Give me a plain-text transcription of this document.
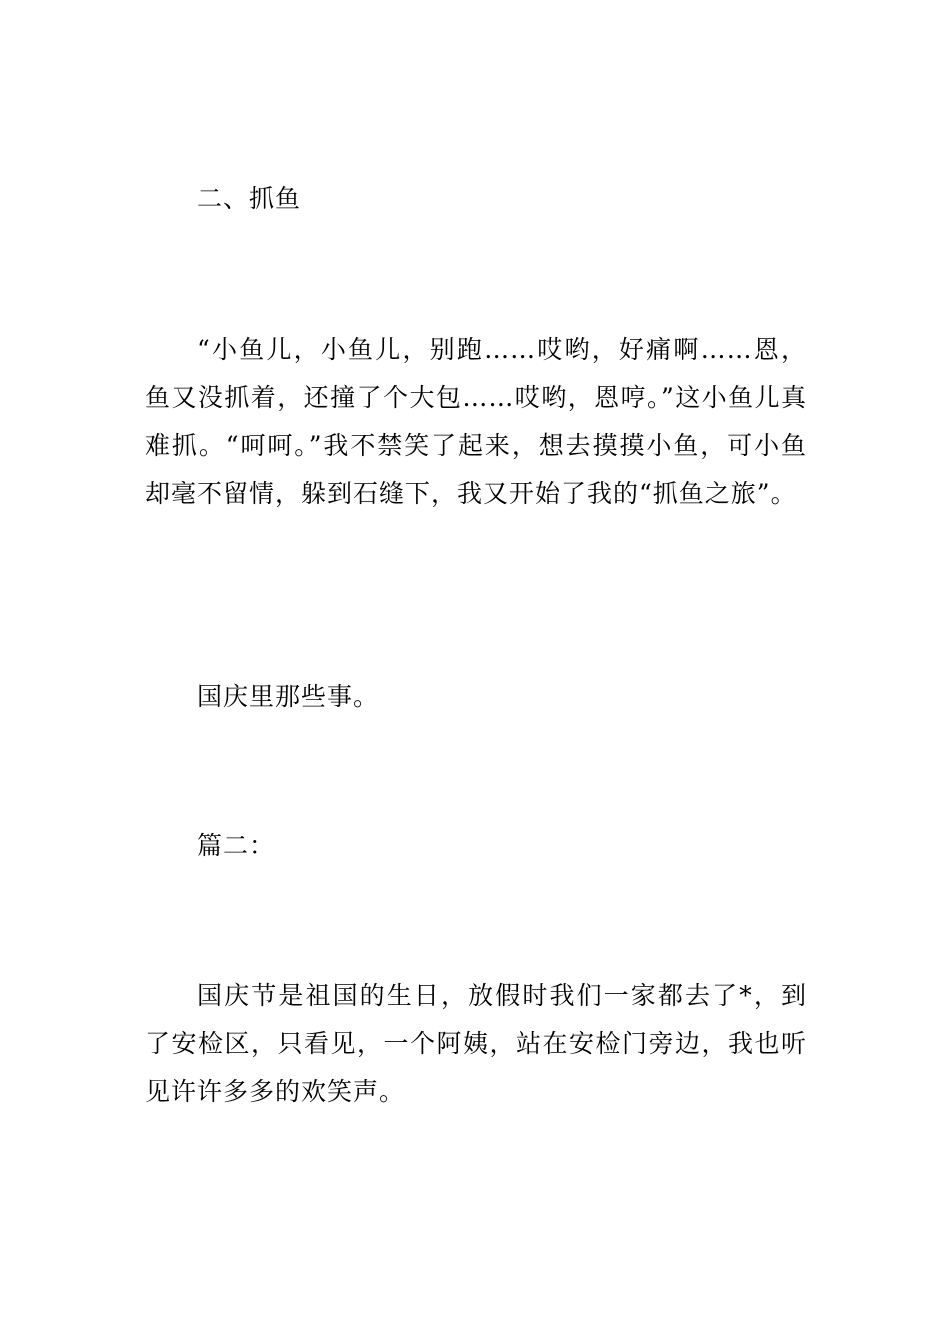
二、抓鱼

“小鱼儿，小鱼儿，别跑……哎哟，好痛啊……恩，鱼又没抓着，还撞了个大包……哎哟，恩哼。”这小鱼儿真难抓。“呵呵。”我不禁笑了起来，想去摸摸小鱼，可小鱼却毫不留情，躲到石缝下，我又开始了我的“抓鱼之旅”。

国庆里那些事。

篇二：

国庆节是祖国的生日，放假时我们一家都去了*，到了安检区，只看见，一个阿姨，站在安检门旁边，我也听见许许多多的欢笑声。
